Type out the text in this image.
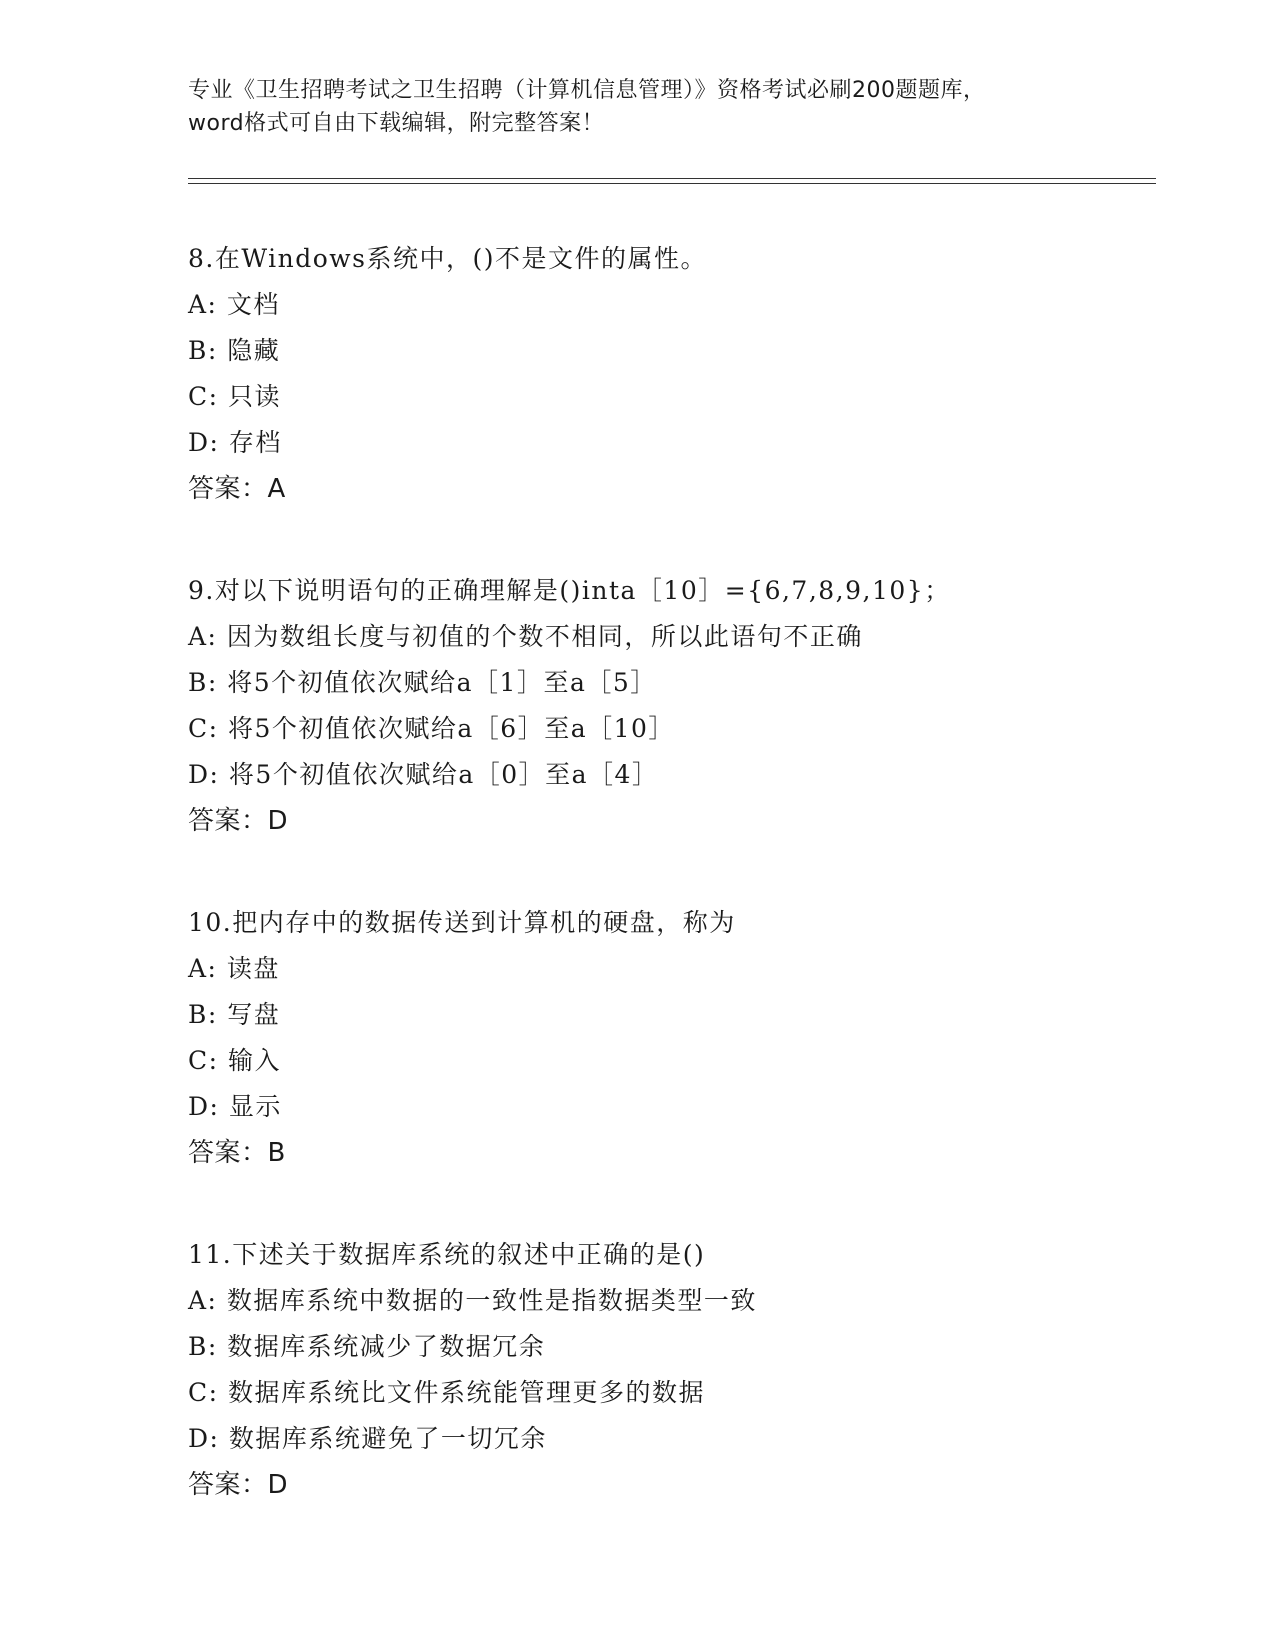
专业《卫生招聘考试之卫生招聘（计算机信息管理）》资格考试必刷200题题库，
word格式可自由下载编辑，附完整答案！
8.在Windows系统中，()不是文件的属性。
A: 文档
B: 隐藏
C: 只读
D: 存档
答案：A
9.对以下说明语句的正确理解是()inta［10］={6,7,8,9,10}；
A: 因为数组长度与初值的个数不相同，所以此语句不正确
B: 将5个初值依次赋给a［1］至a［5］
C: 将5个初值依次赋给a［6］至a［10］
D: 将5个初值依次赋给a［0］至a［4］
答案：D
10.把内存中的数据传送到计算机的硬盘，称为
A: 读盘
B: 写盘
C: 输入
D: 显示
答案：B
11.下述关于数据库系统的叙述中正确的是()
A: 数据库系统中数据的一致性是指数据类型一致
B: 数据库系统减少了数据冗余
C: 数据库系统比文件系统能管理更多的数据
D: 数据库系统避免了一切冗余
答案：D
